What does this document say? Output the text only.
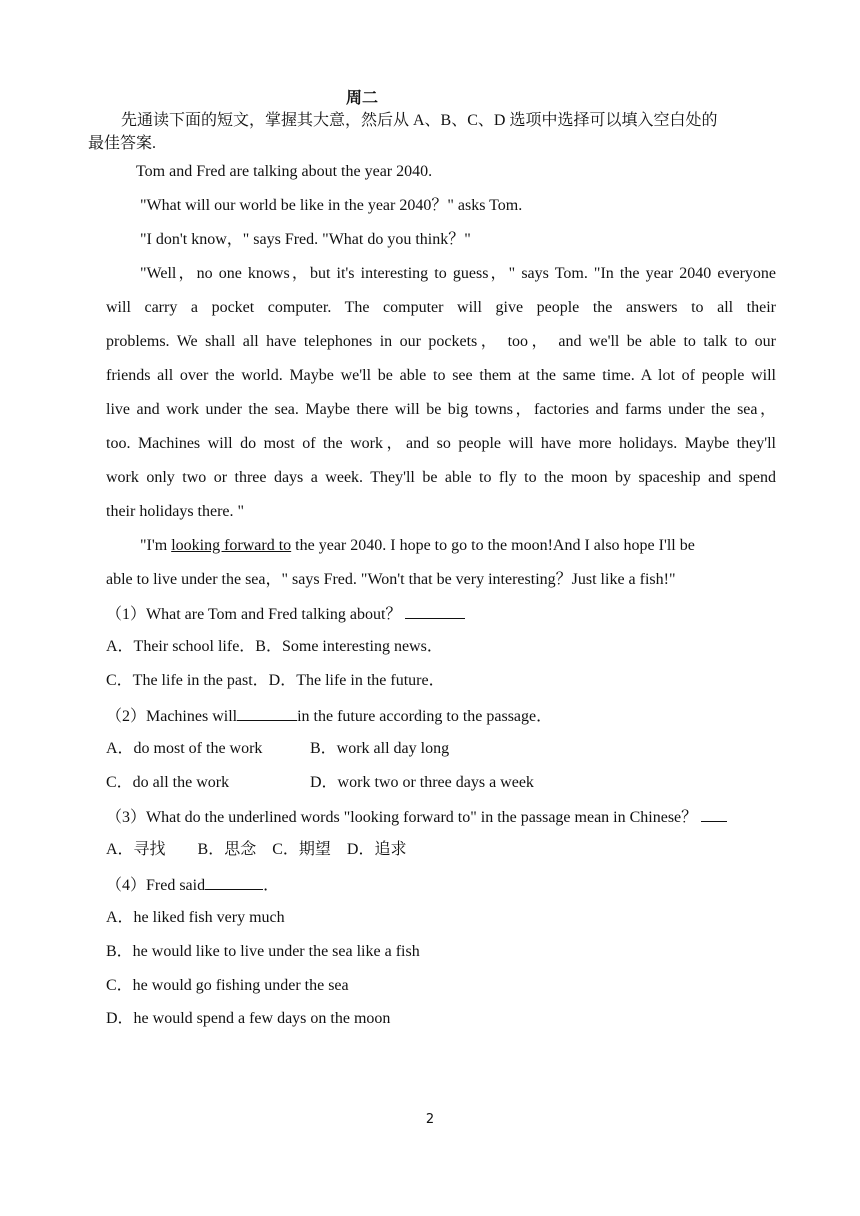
周二
先通读下面的短文，掌握其大意，然后从 A、B、C、D 选项中选择可以填入空白处的
最佳答案.
Tom and Fred are talking about the year 2040.
"What will our world be like in the year 2040？" asks Tom.
"I don't know，" says Fred. "What do you think？"
"Well，no one knows，but it's interesting to guess，" says Tom. "In the year 2040 everyone
will carry a pocket computer. The computer will give people the answers to all their
problems. We shall all have telephones in our pockets， too， and we'll be able to talk to our
friends all over the world. Maybe we'll be able to see them at the same time. A lot of people will
live and work under the sea. Maybe there will be big towns，factories and farms under the sea，
too. Machines will do most of the work，and so people will have more holidays. Maybe they'll
work only two or three days a week. They'll be able to fly to the moon by spaceship and spend
their holidays there. "
"I'm looking forward to the year 2040. I hope to go to the moon!And I also hope I'll be
able to live under the sea，" says Fred. "Won't that be very interesting？Just like a fish!"
（1）What are Tom and Fred talking about？
A．Their school life．B．Some interesting news．
C．The life in the past．D．The life in the future．
（2）Machines will	in the future according to the passage．
A．do most of the work	B．work all day long
C．do all the work	D．work two or three days a week
（3）What do the underlined words "looking forward to" in the passage mean in Chinese？
A．寻找　　B．思念　C．期望　D．追求
（4）Fred said	．
A．he liked fish very much
B．he would like to live under the sea like a fish
C．he would go fishing under the sea
D．he would spend a few days on the moon
2
